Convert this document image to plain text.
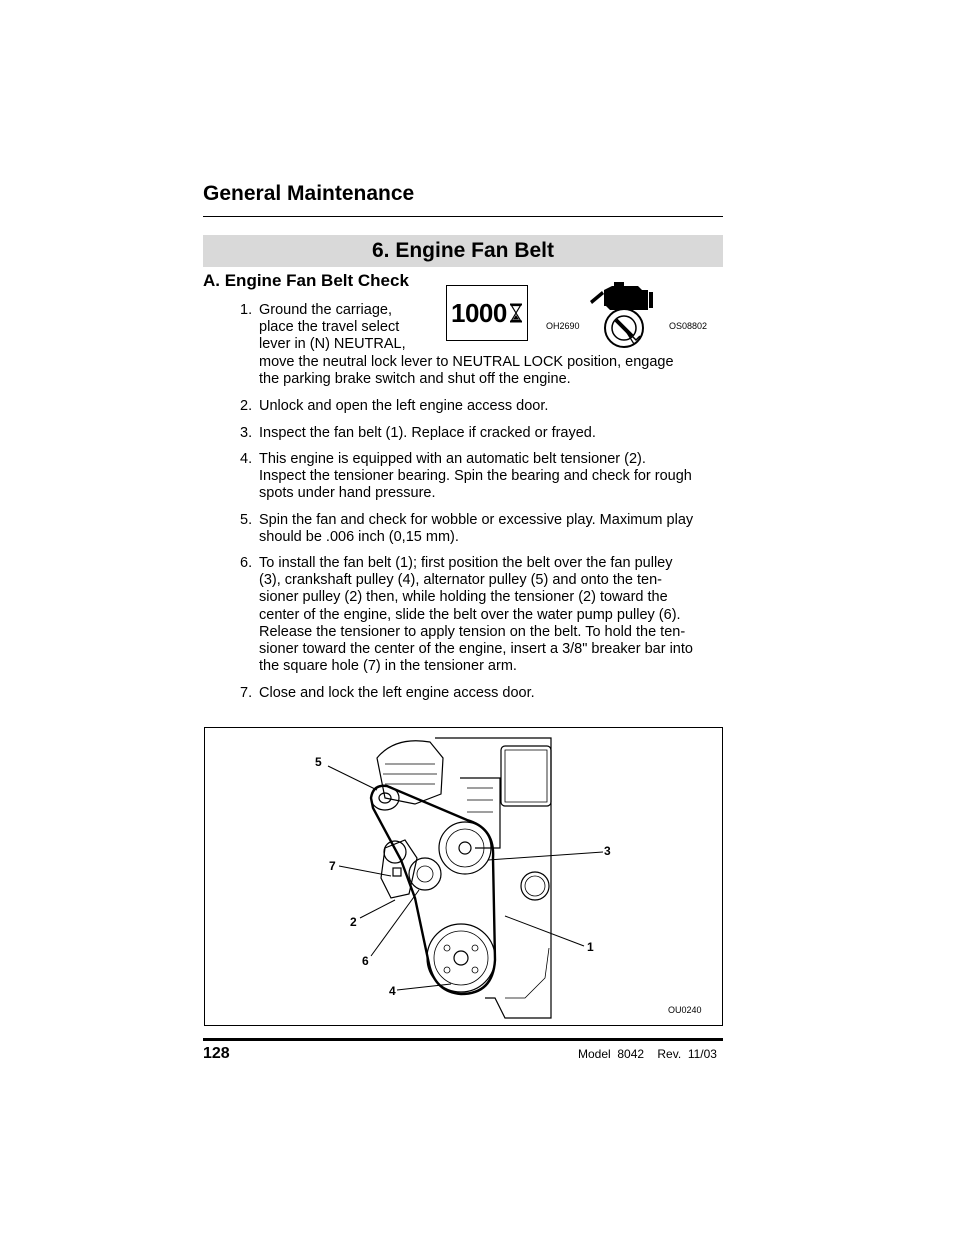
General Maintenance
6. Engine Fan Belt
A. Engine Fan Belt Check
1000	OH2690	OS08802
1. Ground the carriage,
place the travel select
lever in (N) NEUTRAL,
move the neutral lock lever to NEUTRAL LOCK position, engage
the parking brake switch and shut off the engine.
2. Unlock and open the left engine access door.
3. Inspect the fan belt (1). Replace if cracked or frayed.
4. This engine is equipped with an automatic belt tensioner (2).
Inspect the tensioner bearing. Spin the bearing and check for rough
spots under hand pressure.
5. Spin the fan and check for wobble or excessive play. Maximum play
should be .006 inch (0,15 mm).
6. To install the fan belt (1); first position the belt over the fan pulley
(3), crankshaft pulley (4), alternator pulley (5) and onto the ten-
sioner pulley (2) then, while holding the tensioner (2) toward the
center of the engine, slide the belt over the water pump pulley (6).
Release the tensioner to apply tension on the belt. To hold the ten-
sioner toward the center of the engine, insert a 3/8" breaker bar into
the square hole (7) in the tensioner arm.
7. Close and lock the left engine access door.
5
3
7
2
1
6
4
OU0240
128	Model  8042    Rev.  11/03
